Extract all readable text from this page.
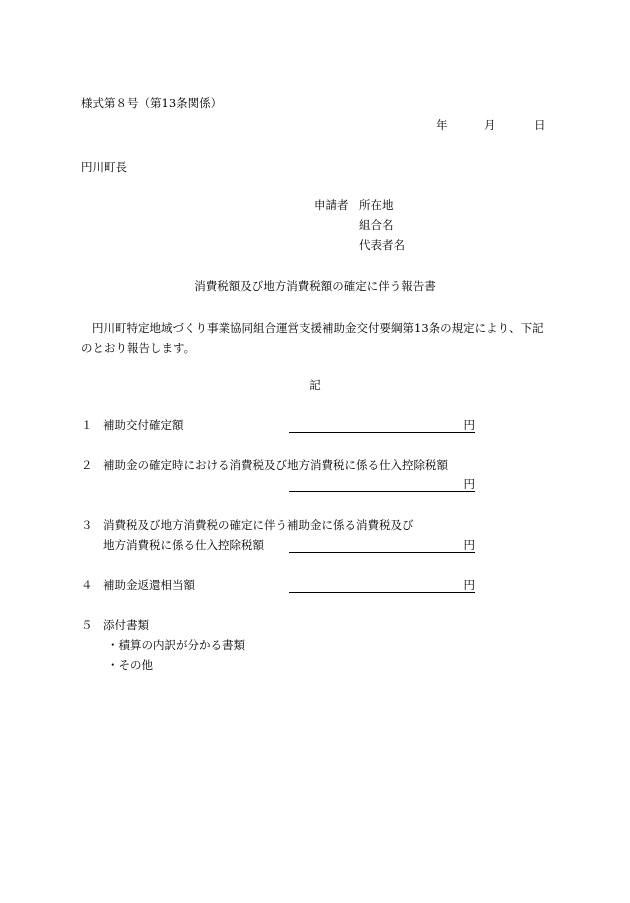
様式第８号（第13条関係）
年	月	日
円川町長
申請者 所在地
組合名
代表者名
消費税額及び地方消費税額の確定に伴う報告書
円川町特定地域づくり事業協同組合運営支援補助金交付要綱第13条の規定により、下記のとおり報告します。
記
１ 補助交付確定額	円
２ 補助金の確定時における消費税及び地方消費税に係る仕入控除税額
円
３ 消費税及び地方消費税の確定に伴う補助金に係る消費税及び
地方消費税に係る仕入控除税額	円
４ 補助金返還相当額	円
５ 添付書類
・積算の内訳が分かる書類
・その他
